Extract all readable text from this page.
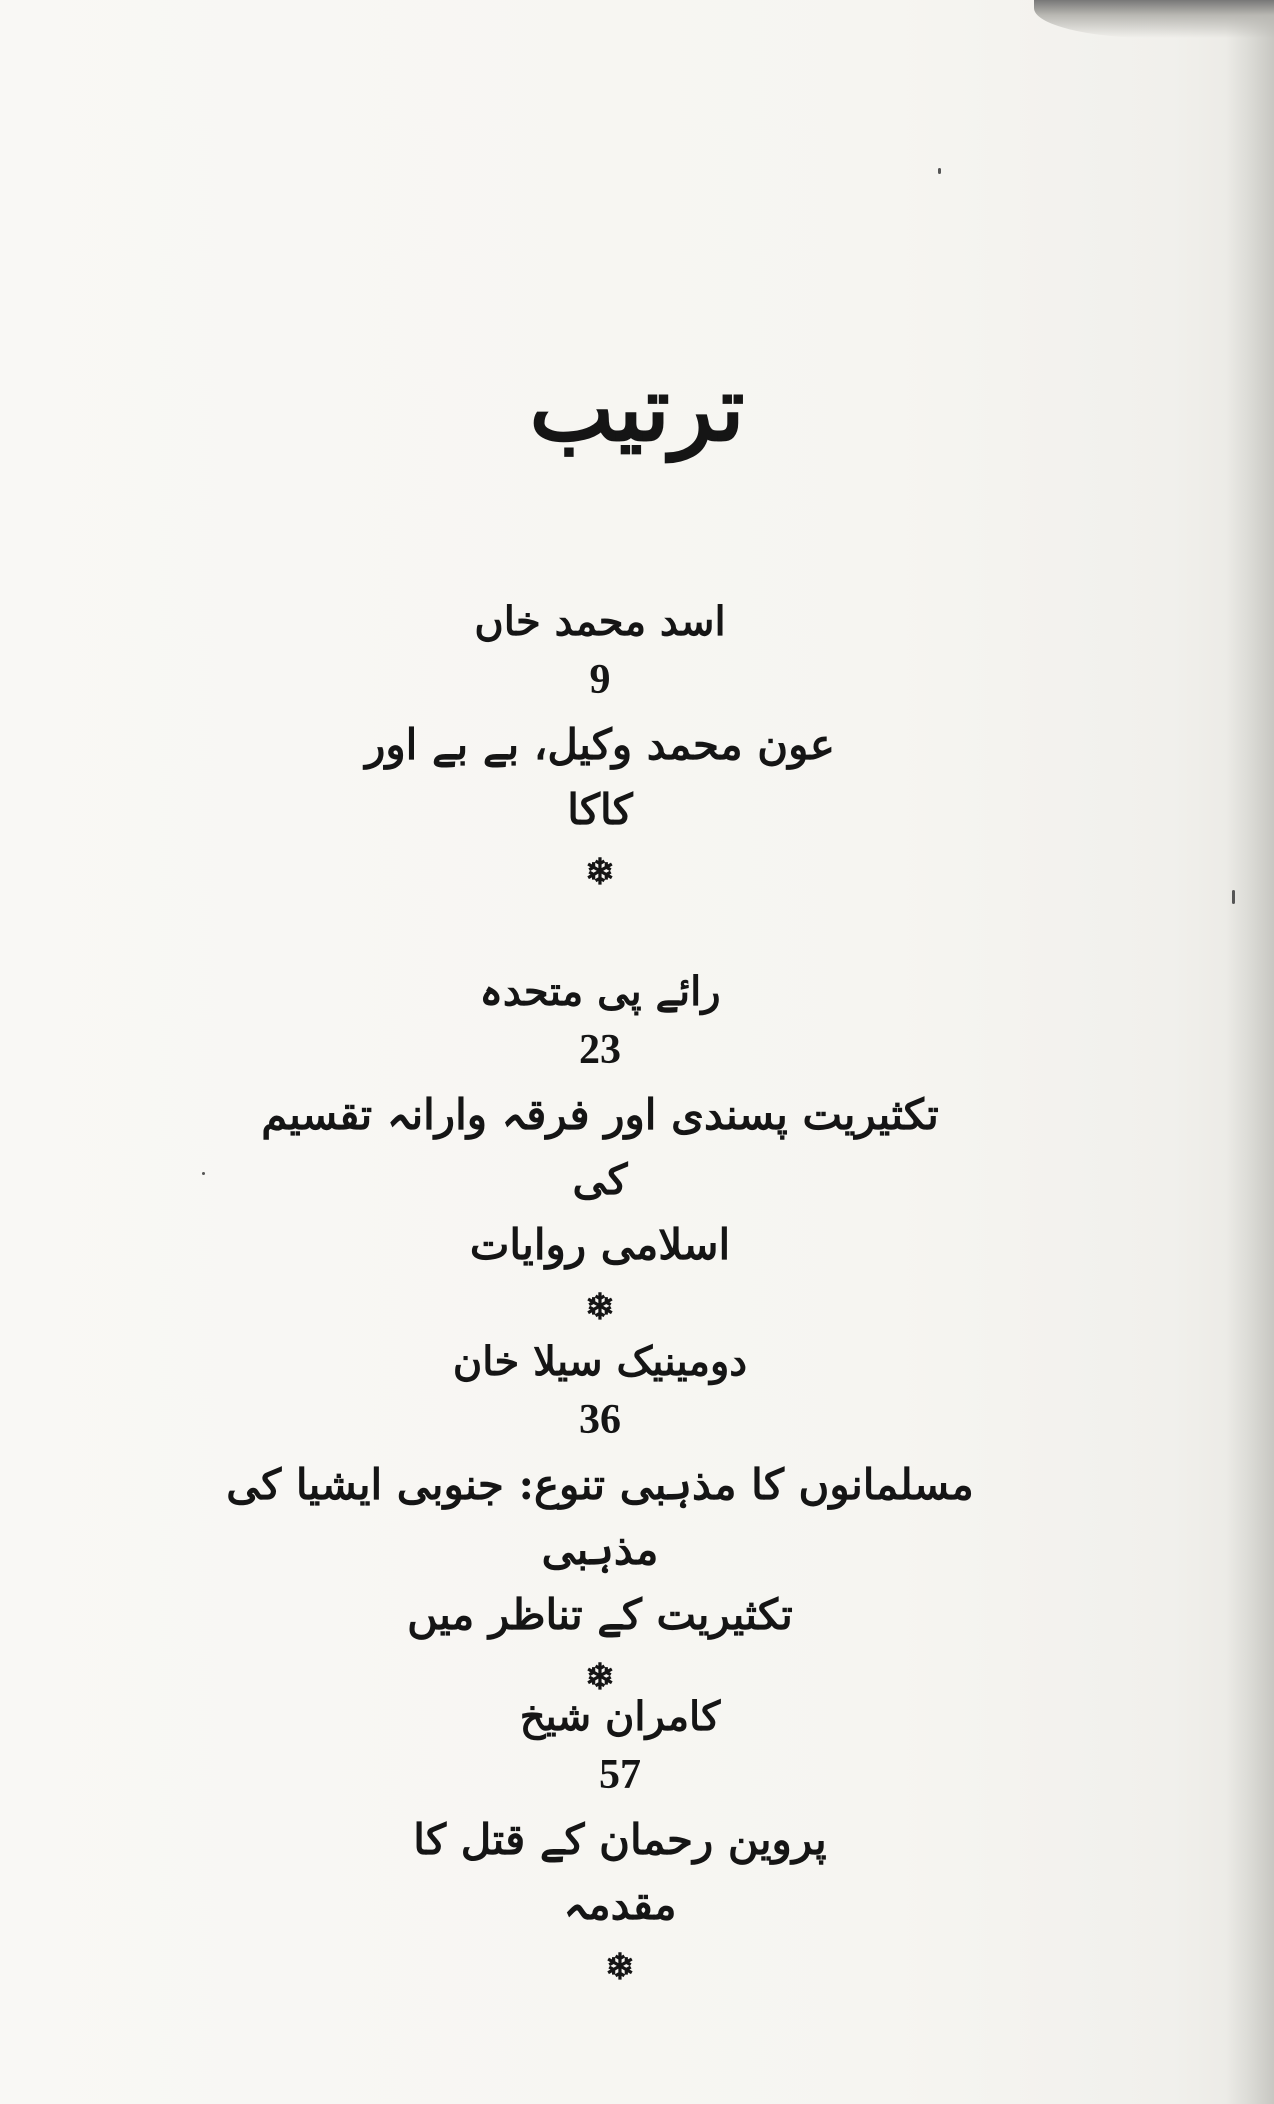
ترتیب
اسد محمد خاں
9
عون محمد وکیل، بے بے اور کاکا
❄
رائے پی متحدہ
23
تکثیریت پسندی اور فرقہ وارانہ تقسیم کی
اسلامی روایات
❄
دومینیک سیلا خان
36
مسلمانوں کا مذہبی تنوع: جنوبی ایشیا کی مذہبی
تکثیریت کے تناظر میں
❄
کامران شیخ
57
پروین رحمان کے قتل کا مقدمہ
❄
